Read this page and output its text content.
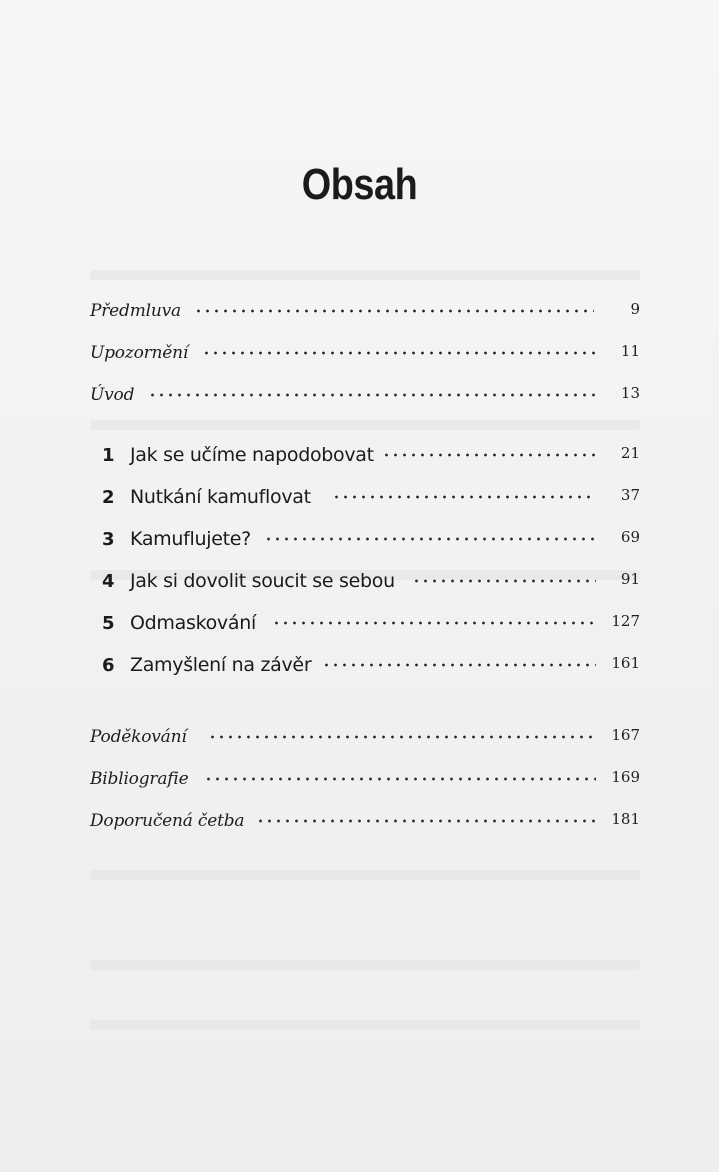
Obsah
Předmluva	9
Upozornění	11
Úvod	13
1 Jak se učíme napodobovat	21
2 Nutkání kamuflovat	37
3 Kamuflujete?	69
4 Jak si dovolit soucit se sebou	91
5 Odmaskování	127
6 Zamyšlení na závěr	161
Poděkování	167
Bibliografie	169
Doporučená četba	181
